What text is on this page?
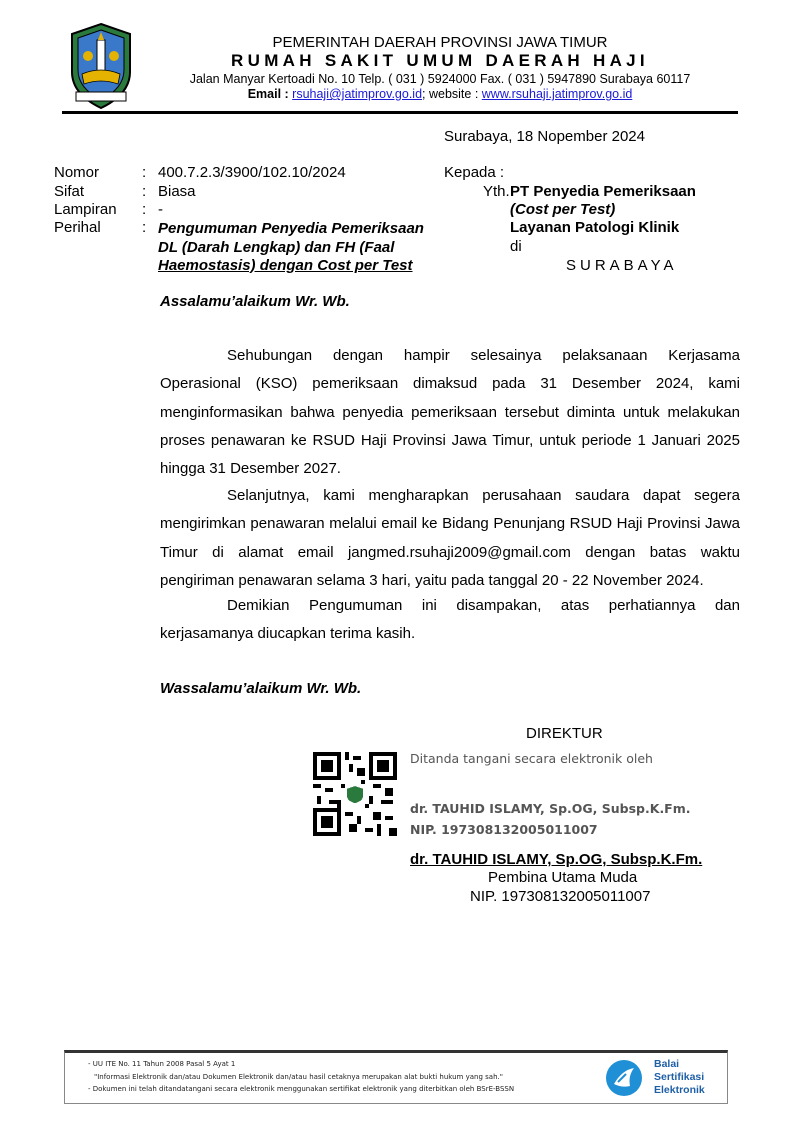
PEMERINTAH DAERAH PROVINSI JAWA TIMUR
RUMAH SAKIT UMUM DAERAH HAJI
Jalan Manyar Kertoadi No. 10 Telp. ( 031 ) 5924000 Fax. ( 031 ) 5947890 Surabaya 60117
Email : rsuhaji@jatimprov.go.id; website : www.rsuhaji.jatimprov.go.id
Surabaya, 18 Nopember 2024
Nomor	: 400.7.2.3/3900/102.10/2024
Sifat	: Biasa
Lampiran : -
Perihal	: Pengumuman Penyedia Pemeriksaan
DL (Darah Lengkap) dan FH (Faal
Haemostasis) dengan Cost per Test
Kepada :
Yth. PT Penyedia Pemeriksaan
(Cost per Test)
Layanan Patologi Klinik
di
SURABAYA
Assalamu’alaikum Wr. Wb.
Sehubungan dengan hampir selesainya pelaksanaan Kerjasama Operasional (KSO) pemeriksaan dimaksud pada 31 Desember 2024, kami menginformasikan bahwa penyedia pemeriksaan tersebut diminta untuk melakukan proses penawaran ke RSUD Haji Provinsi Jawa Timur, untuk periode 1 Januari 2025 hingga 31 Desember 2027.
Selanjutnya, kami mengharapkan perusahaan saudara dapat segera mengirimkan penawaran melalui email ke Bidang Penunjang RSUD Haji Provinsi Jawa Timur di alamat email jangmed.rsuhaji2009@gmail.com dengan batas waktu pengiriman penawaran selama 3 hari, yaitu pada tanggal 20 - 22 November 2024.
Demikian Pengumuman ini disampakan, atas perhatiannya dan kerjasamanya diucapkan terima kasih.
Wassalamu’alaikum Wr. Wb.
DIREKTUR
Ditanda tangani secara elektronik oleh
dr. TAUHID ISLAMY, Sp.OG, Subsp.K.Fm.
NIP. 197308132005011007
dr. TAUHID ISLAMY, Sp.OG, Subsp.K.Fm.
Pembina Utama Muda
NIP. 197308132005011007
- UU ITE No. 11 Tahun 2008 Pasal 5 Ayat 1
"Informasi Elektronik dan/atau Dokumen Elektronik dan/atau hasil cetaknya merupakan alat bukti hukum yang sah."
- Dokumen ini telah ditandatangani secara elektronik menggunakan sertifikat elektronik yang diterbitkan oleh BSrE-BSSN
Balai
Sertifikasi
Elektronik
